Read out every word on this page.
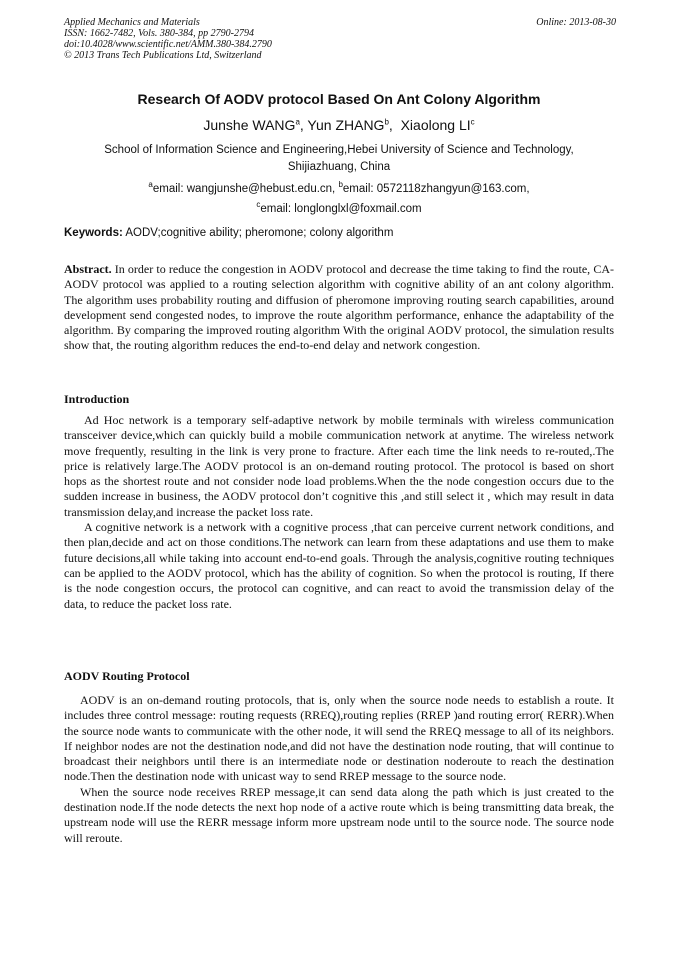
Applied Mechanics and Materials
ISSN: 1662-7482, Vols. 380-384, pp 2790-2794
doi:10.4028/www.scientific.net/AMM.380-384.2790
© 2013 Trans Tech Publications Ltd, Switzerland
Online: 2013-08-30
Research Of AODV protocol Based On Ant Colony Algorithm
Junshe WANG$^a$, Yun ZHANG$^b$,  Xiaolong $LI^c$
School of Information Science and Engineering,Hebei University of Science and Technology,
Shijiazhuang, China
$^a$email: wangjunshe@hebust.edu.cn, $^b$email: 0572118zhangyun@163.com,
$^c$email: longlonglxl@foxmail.com
Keywords: AODV;cognitive ability; pheromone; colony algorithm

Abstract. In order to reduce the congestion in AODV protocol and decrease the time taking to find the route, CA-AODV protocol was applied to a routing selection algorithm with cognitive ability of an ant colony algorithm. The algorithm uses probability routing and diffusion of pheromone improving routing search capabilities, around development send congested nodes, to improve the route algorithm performance, enhance the adaptability of the algorithm. By comparing the improved routing algorithm With the original AODV protocol, the simulation results show that, the routing algorithm reduces the end-to-end delay and network congestion.

Introduction

Ad Hoc network is a temporary self-adaptive network by mobile terminals with wireless communication transceiver device,which can quickly build a mobile communication network at anytime. The wireless network move frequently, resulting in the link is very prone to fracture. After each time the link needs to re-routed,.The price is relatively large.The AODV protocol is an on-demand routing protocol. The protocol is based on short hops as the shortest route and not consider node load problems.When the the node congestion occurs due to the sudden increase in business, the AODV protocol don’t cognitive this ,and still select it , which may result in data transmission delay,and increase the packet loss rate.

A cognitive network is a network with a cognitive process ,that can perceive current network conditions, and then plan,decide and act on those conditions.The network can learn from these adaptations and use them to make future decisions,all while taking into account end-to-end goals. Through the analysis,cognitive routing techniques can be applied to the AODV protocol, which has the ability of cognition. So when the protocol is routing, If there is the node congestion occurs, the protocol can cognitive, and can react to avoid the transmission delay of the data, to reduce the packet loss rate.

AODV Routing Protocol

AODV is an on-demand routing protocols, that is, only when the source node needs to establish a route. It includes three control message: routing requests (RREQ),routing replies (RREP )and routing error( RERR).When the source node wants to communicate with the other node, it will send the RREQ message to all of its neighbors. If neighbor nodes are not the destination node,and did not have the destination node routing, that will continue to broadcast their neighbors until there is an intermediate node or destination noderoute to reach the destination node.Then the destination node with unicast way to send RREP message to the source node.

When the source node receives RREP message,it can send data along the path which is just created to the destination node.If the node detects the next hop node of a active route which is being transmitting data break, the upstream node will use the RERR message inform more upstream node until to the source node. The source node will reroute.
